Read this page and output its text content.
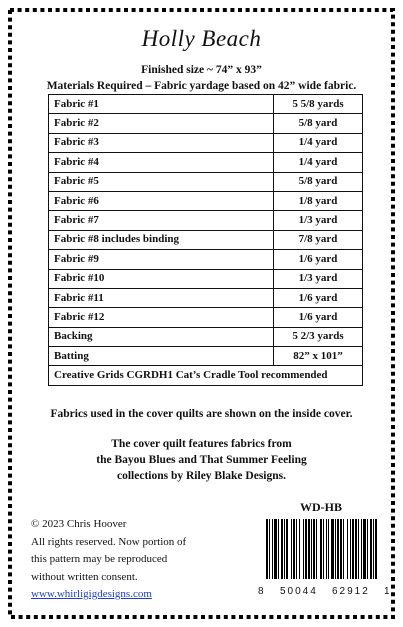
Holly Beach
Finished size ~ 74” x 93”
Materials Required – Fabric yardage based on 42” wide fabric.
Fabric #1	5 5/8 yards
Fabric #2	5/8 yard
Fabric #3	1/4 yard
Fabric #4	1/4 yard
Fabric #5	5/8 yard
Fabric #6	1/8 yard
Fabric #7	1/3 yard
Fabric #8 includes binding	7/8 yard
Fabric #9	1/6 yard
Fabric #10	1/3 yard
Fabric #11	1/6 yard
Fabric #12	1/6 yard
Backing	5 2/3 yards
Batting	82” x 101”
Creative Grids CGRDH1 Cat’s Cradle Tool recommended	
Fabrics used in the cover quilts are shown on the inside cover.
The cover quilt features fabrics from
the Bayou Blues and That Summer Feeling
collections by Riley Blake Designs.
© 2023 Chris Hoover
All rights reserved. Now portion of
this pattern may be reproduced
without written consent.
www.whirligigdesigns.com
WD-HB
8 50044 62912 1
